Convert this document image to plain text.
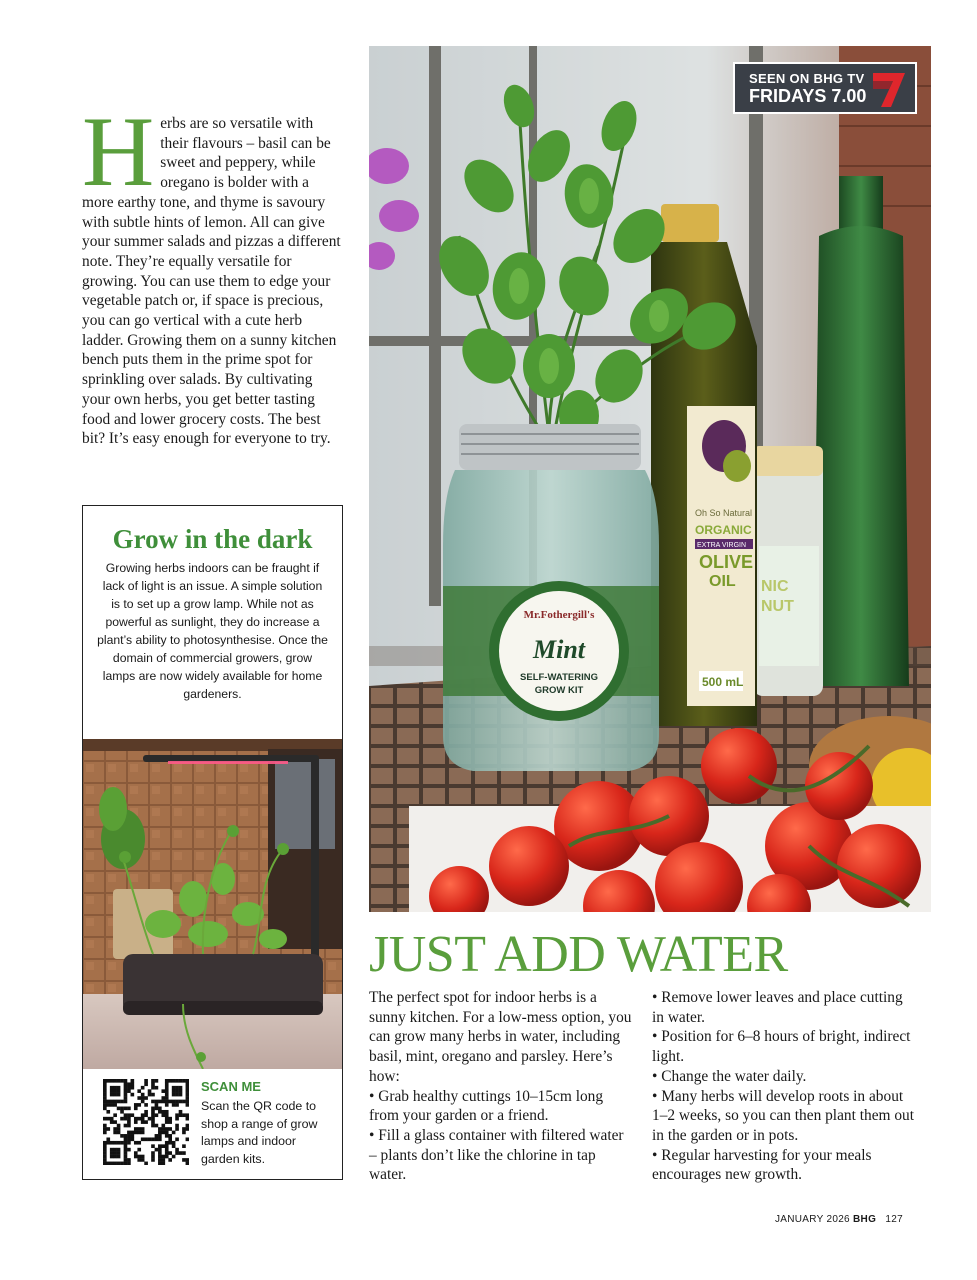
Herbs are so versatile with their flavours – basil can be sweet and peppery, while oregano is bolder with a more earthy tone, and thyme is savoury with subtle hints of lemon. All can give your summer salads and pizzas a different note. They’re equally versatile for growing. You can use them to edge your vegetable patch or, if space is precious, you can go vertical with a cute herb ladder. Growing them on a sunny kitchen bench puts them in the prime spot for sprinkling over salads. By cultivating your own herbs, you get better tasting food and lower grocery costs. The best bit? It’s easy enough for everyone to try.

Grow in the dark

Growing herbs indoors can be fraught if lack of light is an issue. A simple solution is to set up a grow lamp. While not as powerful as sunlight, they do increase a plant’s ability to photosynthesise. Once the domain of commercial growers, grow lamps are now widely available for home gardeners.

SCAN ME

Scan the QR code to shop a range of grow lamps and indoor garden kits.

NIC
NUT
Oh So Natural
ORGANIC
EXTRA VIRGIN
OLIVE
OIL
500 mL
Mr.Fothergill's
Mint
SELF-WATERING
GROW KIT
SEEN ON BHG TV
FRIDAYS 7.00
JUST ADD WATER

The perfect spot for indoor herbs is a sunny kitchen. For a low-mess option, you can grow many herbs in water, including basil, mint, oregano and parsley. Here’s how:

• Grab healthy cuttings 10–15cm long from your garden or a friend.

• Fill a glass container with filtered water – plants don’t like the chlorine in tap water.

• Remove lower leaves and place cutting in water.

• Position for 6–8 hours of bright, indirect light.

• Change the water daily.

• Many herbs will develop roots in about 1–2 weeks, so you can then plant them out in the garden or in pots.

• Regular harvesting for your meals encourages new growth.

JANUARY 2026 BHG 127
